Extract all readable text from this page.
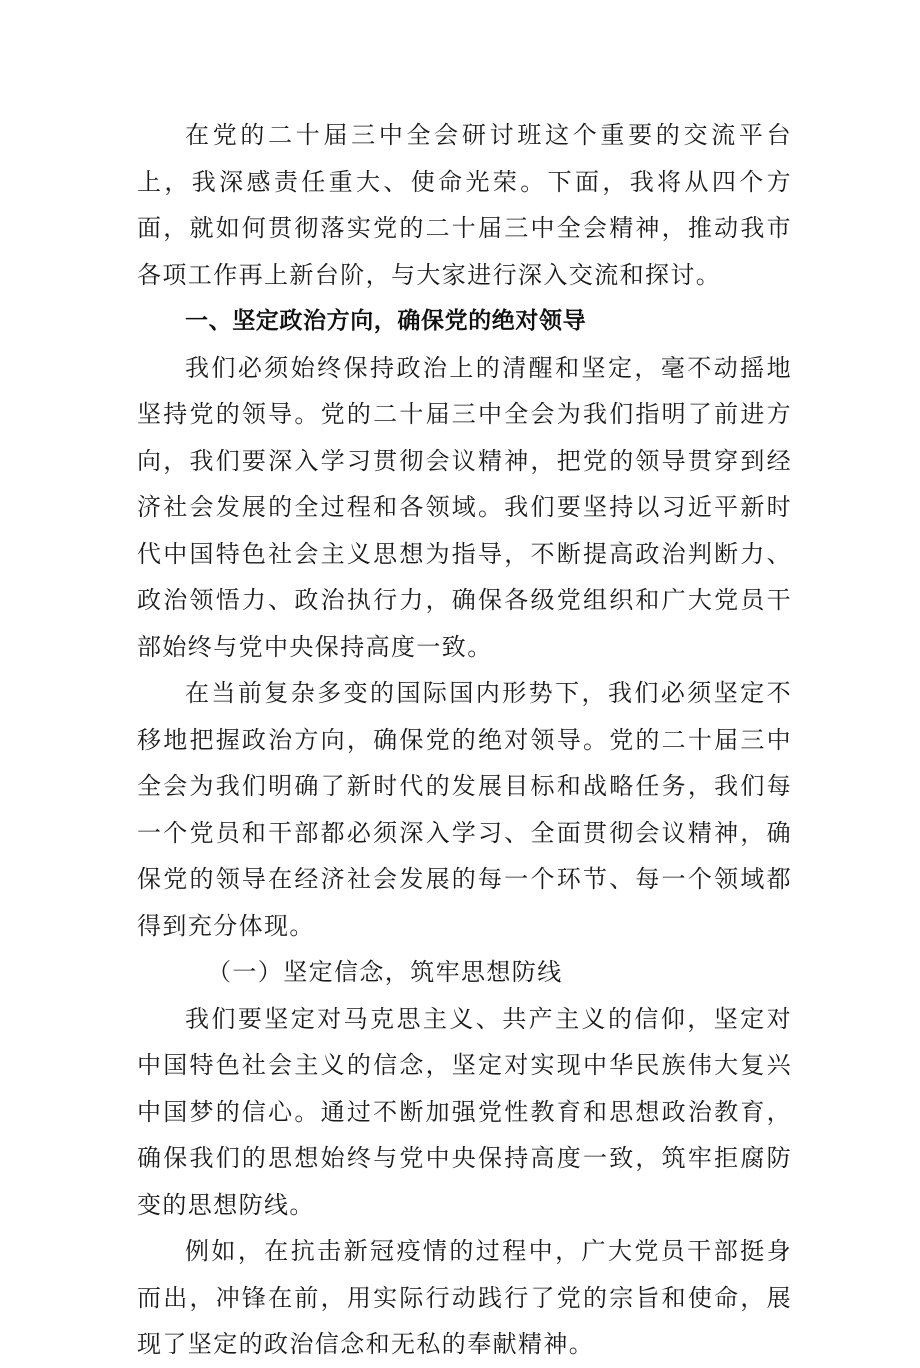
在党的二十届三中全会研讨班这个重要的交流平台上，我深感责任重大、使命光荣。下面，我将从四个方面，就如何贯彻落实党的二十届三中全会精神，推动我市各项工作再上新台阶，与大家进行深入交流和探讨。

一、坚定政治方向，确保党的绝对领导

我们必须始终保持政治上的清醒和坚定，毫不动摇地坚持党的领导。党的二十届三中全会为我们指明了前进方向，我们要深入学习贯彻会议精神，把党的领导贯穿到经济社会发展的全过程和各领域。我们要坚持以习近平新时代中国特色社会主义思想为指导，不断提高政治判断力、政治领悟力、政治执行力，确保各级党组织和广大党员干部始终与党中央保持高度一致。

在当前复杂多变的国际国内形势下，我们必须坚定不移地把握政治方向，确保党的绝对领导。党的二十届三中全会为我们明确了新时代的发展目标和战略任务，我们每一个党员和干部都必须深入学习、全面贯彻会议精神，确保党的领导在经济社会发展的每一个环节、每一个领域都得到充分体现。

（一）坚定信念，筑牢思想防线

我们要坚定对马克思主义、共产主义的信仰，坚定对中国特色社会主义的信念，坚定对实现中华民族伟大复兴中国梦的信心。通过不断加强党性教育和思想政治教育，确保我们的思想始终与党中央保持高度一致，筑牢拒腐防变的思想防线。

例如，在抗击新冠疫情的过程中，广大党员干部挺身而出，冲锋在前，用实际行动践行了党的宗旨和使命，展现了坚定的政治信念和无私的奉献精神。
